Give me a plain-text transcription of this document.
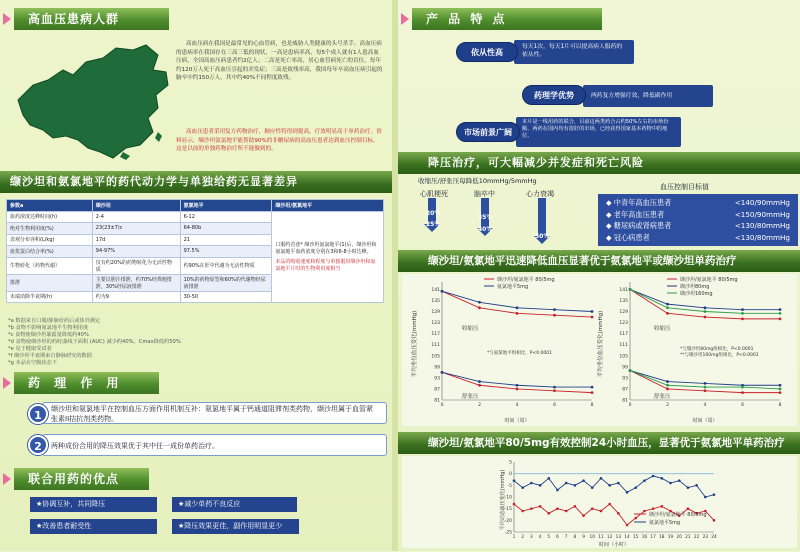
高血压患病人群
高血压病在我国是最常见的心血管病，也是威胁人类健康的头号杀手。高血压病的患病率在我国存在三高三低的现状，一高是患病率高，每5个成人就有1人患高血压病，全国高血压病患者约2亿人；二高是死亡率高，居心血管病死亡的首位，每年约120万人死于高血压引起的并发症；三高是致残率高，我国每年卒高血压病引起的脑卒中约150万人，其中约40%不同程度致残。
高血压患者采用复方药物治疗，顺应性特得到提高，疗效明显高于单药治疗。资料显示，缬沙坦氨氯地平能帮助90%的非糖尿病的高血压患者达到血压控制目标，这是以前的单独药物治疗所不能做到的。
缬沙坦和氨氯地平的药代动力学与单独给药无显著差异
参数a	缬沙坦	氨氯地平	缬沙坦/氨氯地平
血药浓度达峰时间(h)	2-4	6-12	口服约首巷* 缬沙坦氨氯地平(1)后，缬沙坦和氨氯地平血药浓度分别在3和6-8小时达峰。
本品的吸收速度和程度与单独服用缬沙坦和氨氯地平片时的生物利用度相当

绝对生物利用度(%)	23(23±7)c	64-80b	
表观分布容积(L/kg)	17d	21	
血浆蛋白结合率(%)	94-97%	97.5%	
生物转化（药物代谢）	仅有约20%的药物转化为无活性物质	约90%在肝中代谢为无活性物质	
排泄	主要以胆汁排泄，约70%经粪便排泄，30%经尿液排泄	10%的药物原型和60%的代谢物经尿液排泄	
末端消除半衰期(h)	约为9	30-50	
*a 数据来自口服/静脉给药后或体外测定
*b 食物不影响氨氯地平生物利用度
*c 食物使缬沙坦暴露量降低约40%
*d 食物使缬沙坦的药时曲线下面积 (AUC) 减少约40%，Cmax降低约50%
*e 见于健康受试者
*f 缬沙坦半衰期来自静脉研究的数据
*g 本品在空腹状态下
药 理 作 用
缬沙坦和氨氯地平在控制血压方面作用机制互补：氨氯地平属于钙通道阻滞剂类药物，缬沙坦属于血管紧张素II拮抗剂类药物。
1
两种成份合用的降压效果优于其中任一成份单药治疗。
2
联合用药的优点
★协调互补，共同降压	★减少单药不良反应
★改善患者耐受性	★降压效果更佳，副作用明显更少
产 品 特 点
每天1次，每天1片可以提高病人服药的依从性。
依从性高
两药复方增强疗效，降低副作用
药理学优势
本片是一线用药的联合，目前这两类药合占约50%左右的市场份额，两药在国内均有很好的市场，已经获得国家基本药物中的地位。
市场前景广阔
降压治疗，可大幅减少并发症和死亡风险
收缩压/舒张压每降低10mmHg/5mmHg
心肌梗死	脑卒中	心力衰竭
20%
25%
35%
40%
50%
血压控制目标值
◆ 中青年高血压患者	<140/90mmHg
◆ 老年高血压患者	<150/90mmHg
◆ 糖尿病或肾病患者	<130/80mmHg
◆ 冠心病患者	<130/80mmHg
缬沙坦/氨氯地平迅速降低血压显著优于氨氯地平或缬沙坦单药治疗
81
87
93
99
105
111
117
123
129
135
141
0	2	4	6	8
81
87
93
99
105
111
117
123
129
135
141
0	2	4	6	8
平均坐位血压变化(mmHg)	平均坐位血压变化(mmHg)
时间（周）	时间（周）
收缩压
舒张压
收缩压
舒张压
*与氨氯地平组相比，P<0.0001
*与缬沙坦80mg组相比，P<0.0001
**与缬沙坦160mg组相比，P<0.0001
缬沙坦/氨氯地平 80/5mg
氨氯地平5mg
缬沙坦/氨氯地平 80/5mg
缬沙坦80mg
缬沙坦160mg
缬沙坦/氨氯地平80/5mg有效控制24小时血压，显著优于氨氯地平单药治疗
5
0
-5
-10
-15
-20
-25
1 2 3 4 5 6 7 8 9 10 11 12 13 14 15 16 17 18 19 20 21 22 23 24
平均动态血压变化(mmHg)
时间（小时）
缬沙坦/氨氯地平 80/5mg
氨氯地平5mg
